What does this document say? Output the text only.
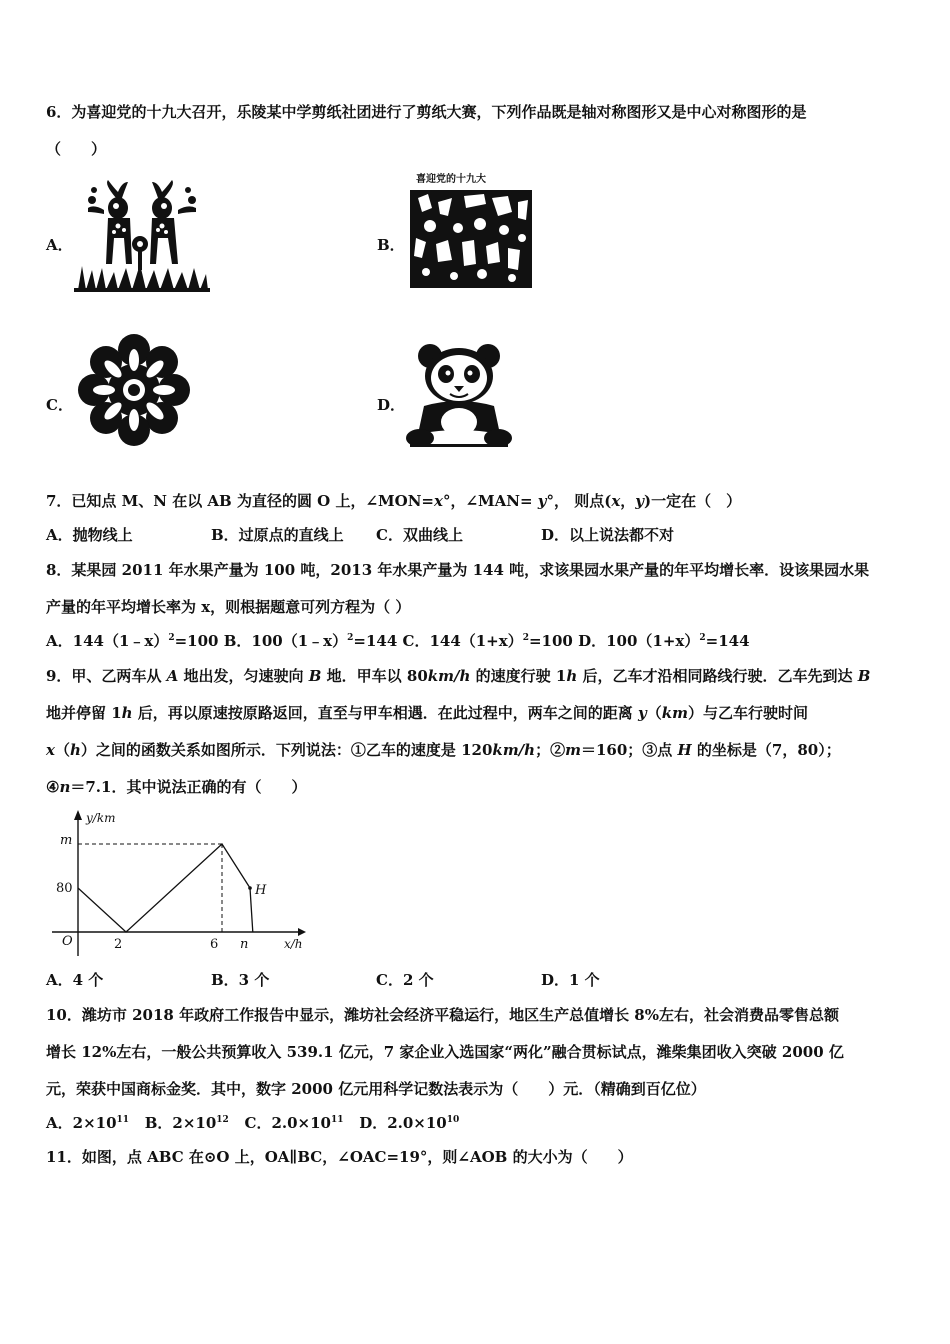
6．为喜迎党的十九大召开，乐陵某中学剪纸社团进行了剪纸大赛，下列作品既是轴对称图形又是中心对称图形的是
（　　）
A．	B．
喜迎党的十九大
C．	D．
7．已知点 M、N 在以 AB 为直径的圆 O 上，∠MON=x°，∠MAN= y°， 则点(x，y)一定在（　）
A．抛物线上	B．过原点的直线上 C．双曲线上	D．以上说法都不对
8．某果园 2011 年水果产量为 100 吨，2013 年水果产量为 144 吨，求该果园水果产量的年平均增长率．设该果园水果
产量的年平均增长率为 x，则根据题意可列方程为（ ）
A．144（1﹣x）$^2$=100 B．100（1﹣x）$^2$=144 C．$144(1+x)^2=100$ D．$100(1+x)^2=144$
9．甲、乙两车从 A 地出发，匀速驶向 B 地．甲车以 80km/h 的速度行驶 1h 后，乙车才沿相同路线行驶．乙车先到达 B
地并停留 1h 后，再以原速按原路返回，直至与甲车相遇．在此过程中，两车之间的距离 y（km）与乙车行驶时间
x（h）之间的函数关系如图所示．下列说法：①乙车的速度是 120km/h；②m＝160；③点 H 的坐标是（7，80）；
④n＝7.1．其中说法正确的有（　　）
y/km
x/h
O
m
80
2	6 n
H
A．4 个	B．3 个	C．2 个	D．1 个
10．潍坊市 2018 年政府工作报告中显示，潍坊社会经济平稳运行，地区生产总值增长 8%左右，社会消费品零售总额
增长 12%左右，一般公共预算收入 539.1 亿元，7 家企业入选国家“两化”融合贯标试点，潍柴集团收入突破 2000 亿
元，荣获中国商标金奖．其中，数字 2000 亿元用科学记数法表示为（　　）元．（精确到百亿位）
A．$2\times 10^{11}$ B．$2\times 10^{12}$ C．$2.0\times 10^{11}$ D．$2.0\times 10^{10}$
11．如图，点 ABC 在⊙O 上，OA∥BC，∠OAC=19°，则∠AOB 的大小为（　　）
